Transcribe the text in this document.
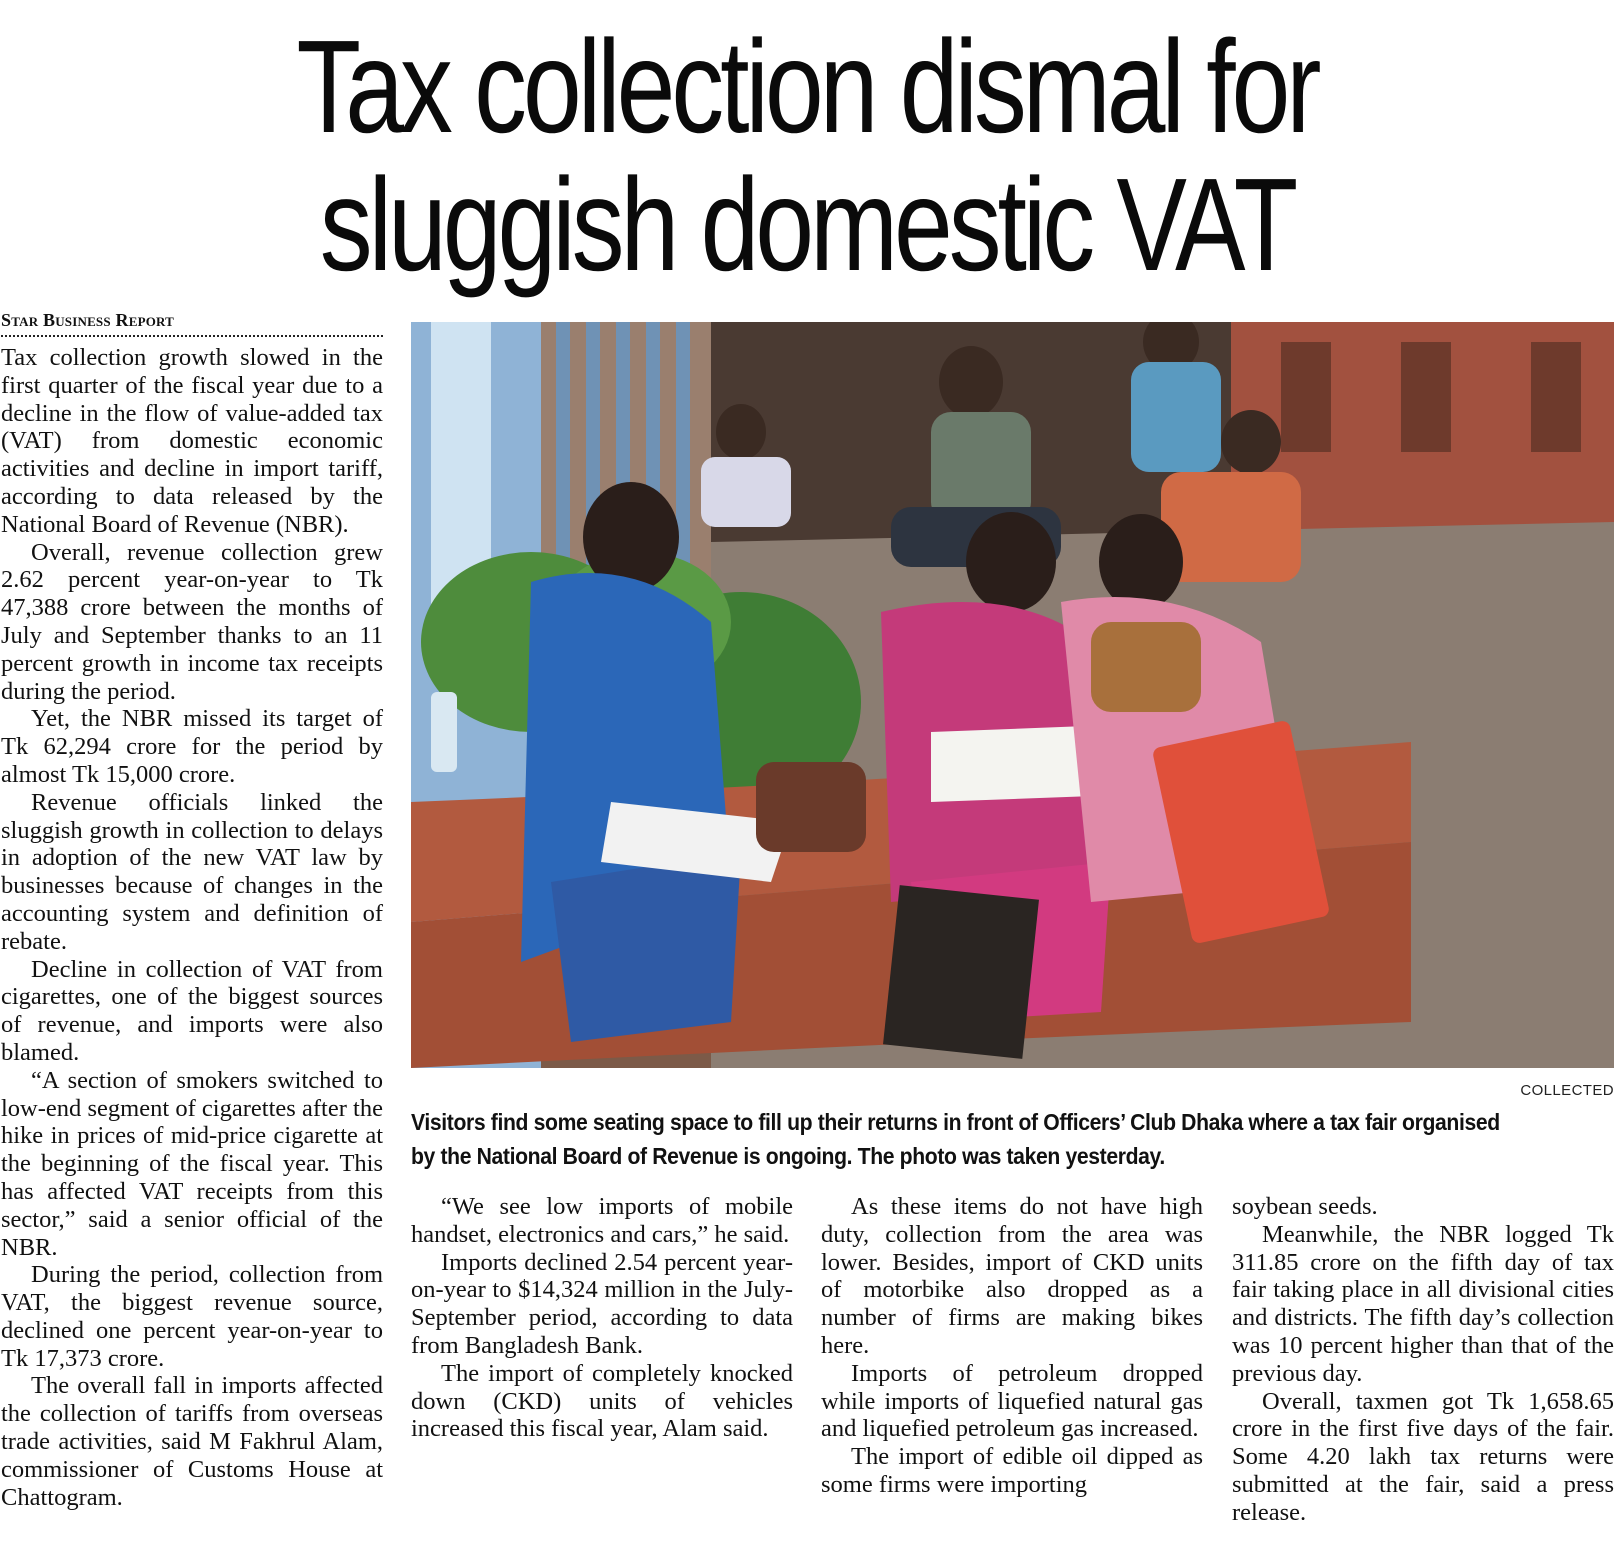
Tax collection dismal for
sluggish domestic VAT
Star Business Report

Tax collection growth slowed in the first quarter of the fiscal year due to a decline in the flow of value-added tax (VAT) from domestic economic activities and decline in import tariff, according to data released by the National Board of Revenue (NBR).

Overall, revenue collection grew 2.62 percent year-on-year to Tk 47,388 crore between the months of July and September thanks to an 11 percent growth in income tax receipts during the period.

Yet, the NBR missed its target of Tk 62,294 crore for the period by almost Tk 15,000 crore.

Revenue officials linked the sluggish growth in collection to delays in adoption of the new VAT law by businesses because of changes in the accounting system and definition of rebate.

Decline in collection of VAT from cigarettes, one of the biggest sources of revenue, and imports were also blamed.

“A section of smokers switched to low-end segment of cigarettes after the hike in prices of mid-price cigarette at the beginning of the fiscal year. This has affected VAT receipts from this sector,” said a senior official of the NBR.

During the period, collection from VAT, the biggest revenue source, declined one percent year-on-year to Tk 17,373 crore.

The overall fall in imports affected the collection of tariffs from overseas trade activities, said M Fakhrul Alam, commissioner of Customs House at Chattogram.

COLLECTED
Visitors find some seating space to fill up their returns in front of Officers’ Club Dhaka where a tax fair organised by the National Board of Revenue is ongoing. The photo was taken yesterday.

“We see low imports of mobile handset, electronics and cars,” he said.

Imports declined 2.54 percent year-on-year to $14,324 million in the July-September period, according to data from Bangladesh Bank.

The import of completely knocked down (CKD) units of vehicles increased this fiscal year, Alam said.

As these items do not have high duty, collection from the area was lower. Besides, import of CKD units of motorbike also dropped as a number of firms are making bikes here.

Imports of petroleum dropped while imports of liquefied natural gas and liquefied petroleum gas increased.

The import of edible oil dipped as some firms were importing

soybean seeds.

Meanwhile, the NBR logged Tk 311.85 crore on the fifth day of tax fair taking place in all divisional cities and districts. The fifth day’s collection was 10 percent higher than that of the previous day.

Overall, taxmen got Tk 1,658.65 crore in the first five days of the fair. Some 4.20 lakh tax returns were submitted at the fair, said a press release.
